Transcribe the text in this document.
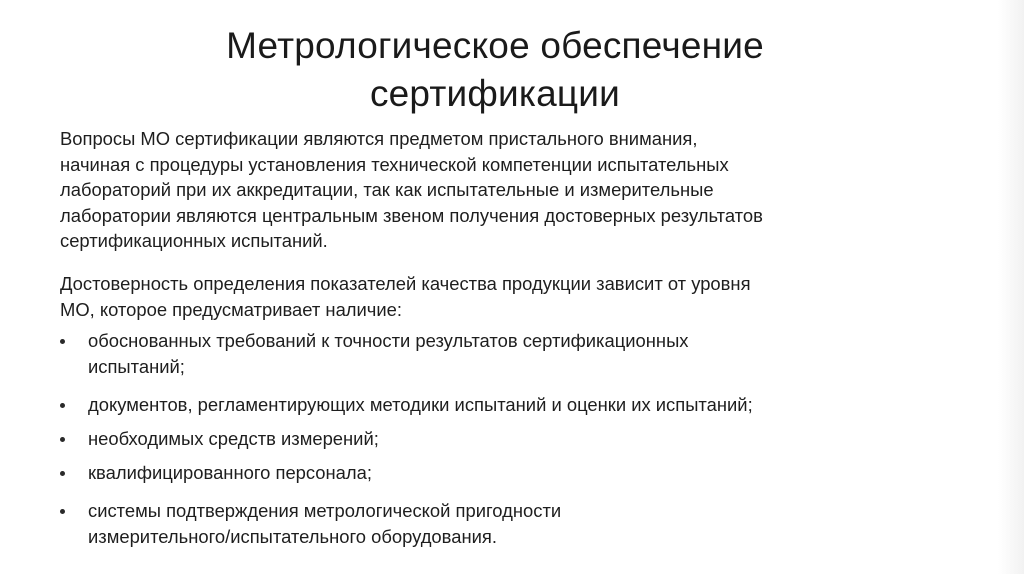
Метрологическое обеспечение
сертификации

Вопросы МО сертификации являются предметом пристального внимания,
начиная с процедуры установления технической компетенции испытательных
лабораторий при их аккредитации, так как испытательные и измерительные
лаборатории являются центральным звеном получения достоверных результатов
сертификационных испытаний.

Достоверность определения показателей качества продукции зависит от уровня
МО, которое предусматривает наличие:

обоснованных требований к точности результатов сертификационных
испытаний;
документов, регламентирующих методики испытаний и оценки их испытаний;
необходимых средств измерений;
квалифицированного персонала;
системы подтверждения метрологической пригодности
измерительного/испытательного оборудования.
